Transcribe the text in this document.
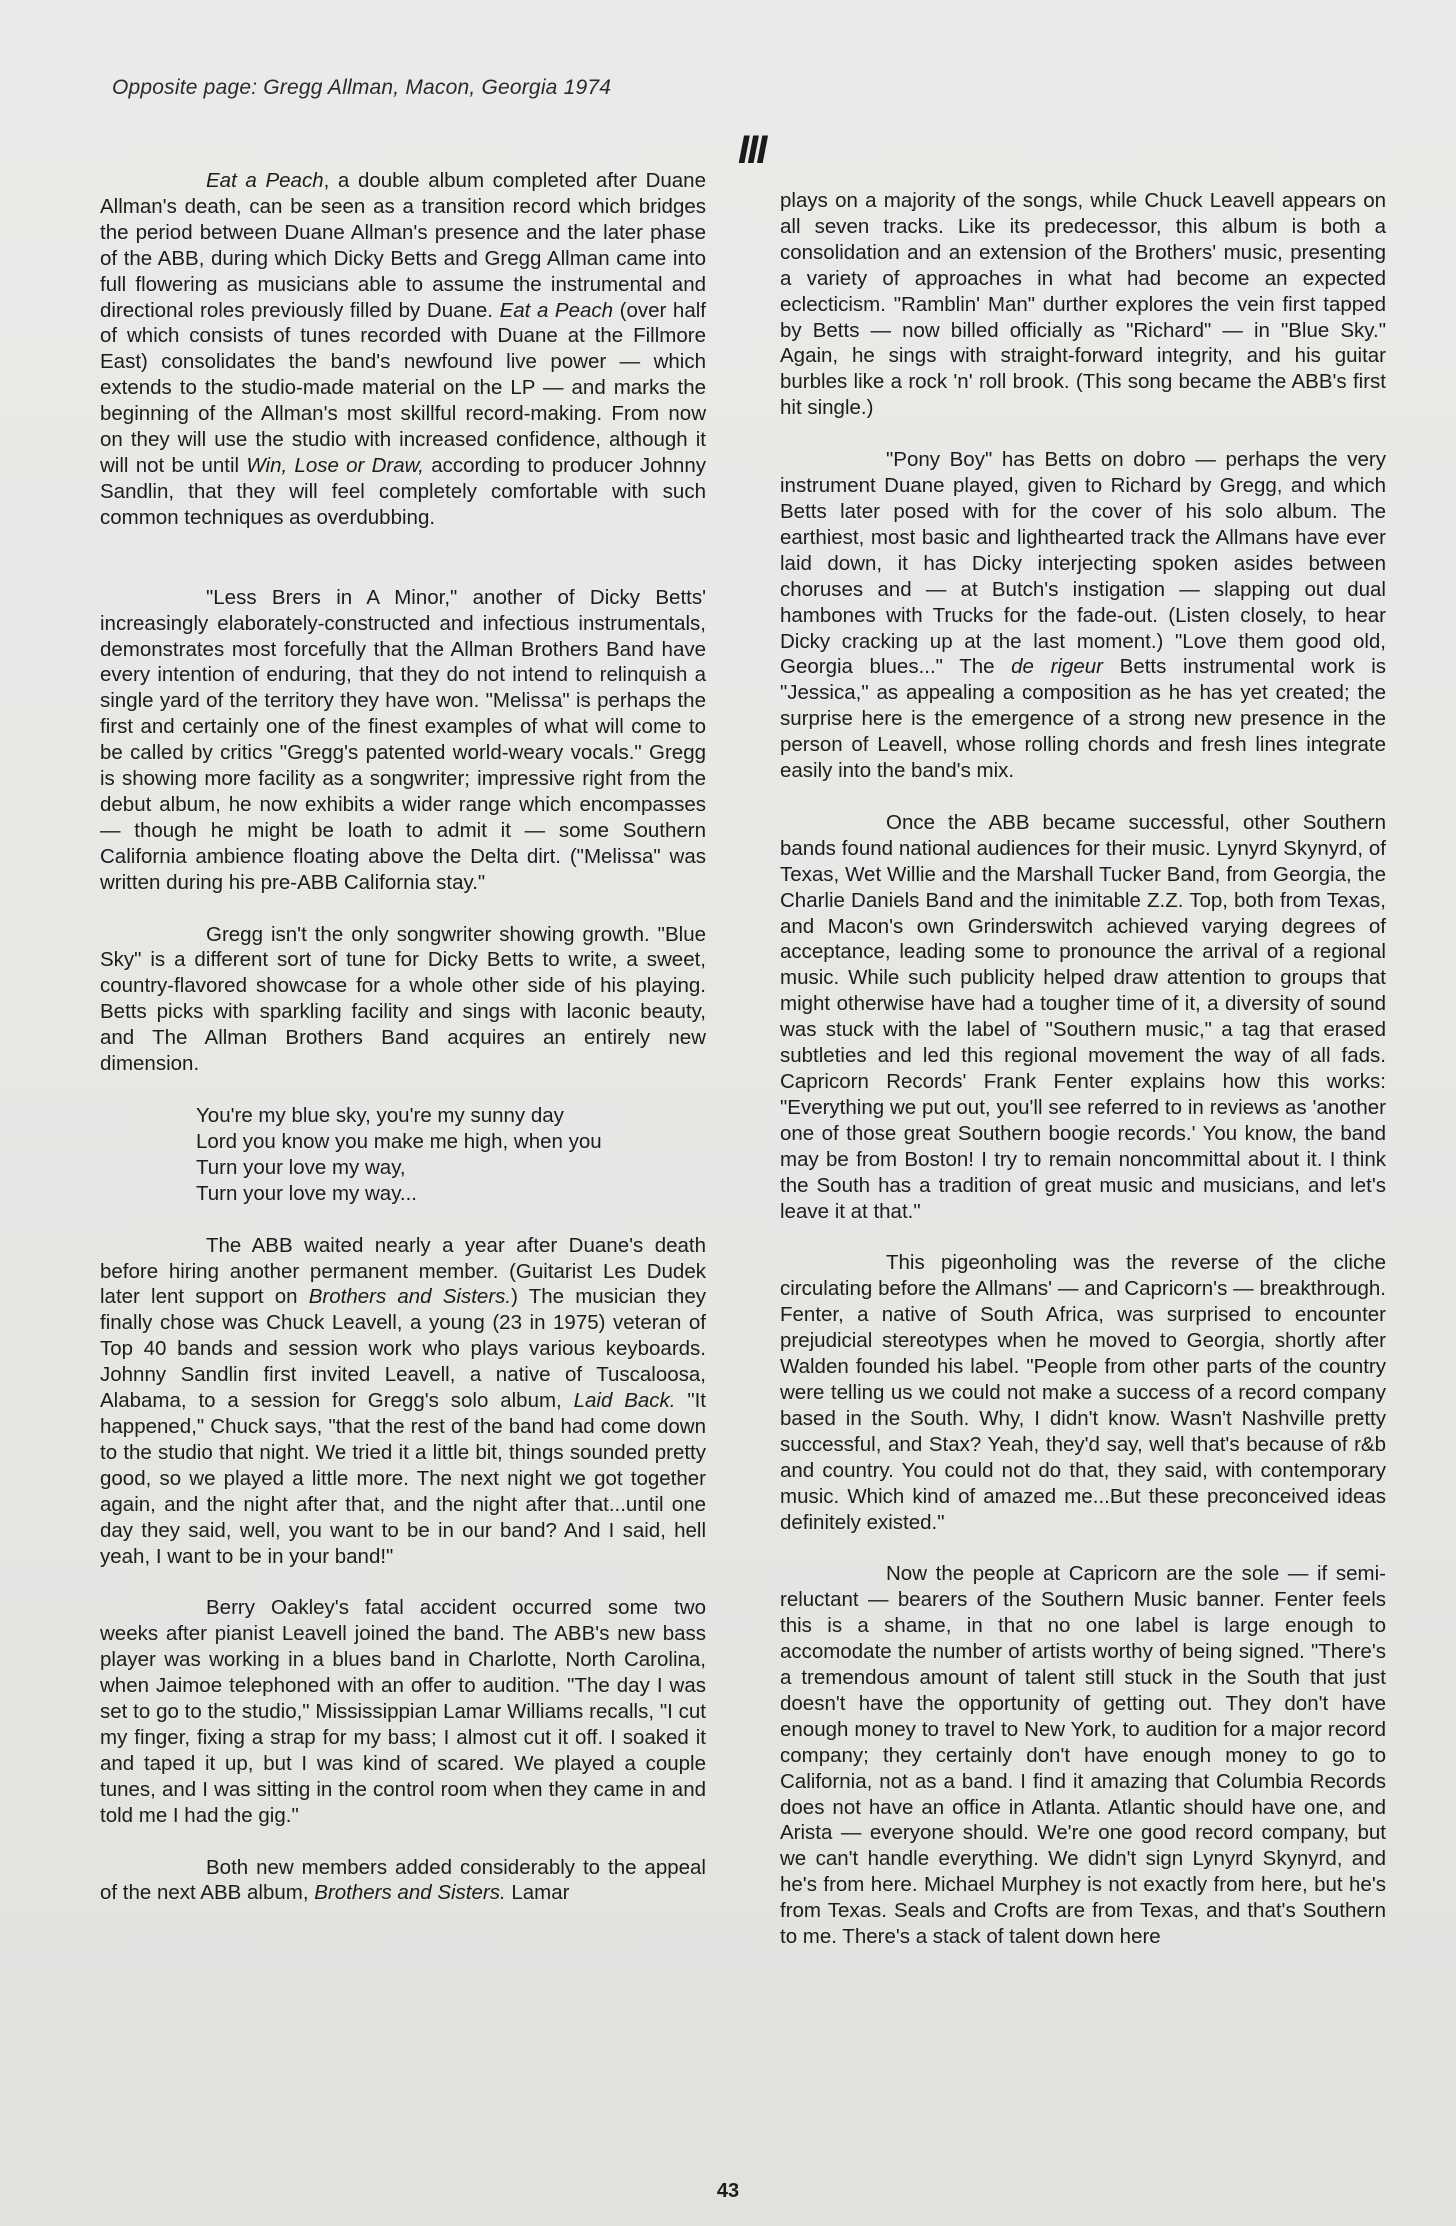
Opposite page: Gregg Allman, Macon, Georgia 1974
III

Eat a Peach, a double album completed after Duane Allman's death, can be seen as a transition record which bridges the period between Duane Allman's presence and the later phase of the ABB, during which Dicky Betts and Gregg Allman came into full flowering as musicians able to assume the instrumental and directional roles previously filled by Duane. Eat a Peach (over half of which consists of tunes recorded with Duane at the Fillmore East) consolidates the band's newfound live power — which extends to the studio-made material on the LP — and marks the beginning of the Allman's most skillful record-making. From now on they will use the studio with increased confidence, although it will not be until Win, Lose or Draw, according to producer Johnny Sandlin, that they will feel completely comfortable with such common techniques as overdubbing.

"Less Brers in A Minor," another of Dicky Betts' increasingly elaborately-constructed and infectious instrumentals, demonstrates most forcefully that the Allman Brothers Band have every intention of enduring, that they do not intend to relinquish a single yard of the territory they have won. "Melissa" is perhaps the first and certainly one of the finest examples of what will come to be called by critics "Gregg's patented world-weary vocals." Gregg is showing more facility as a songwriter; impressive right from the debut album, he now exhibits a wider range which encompasses — though he might be loath to admit it — some Southern California ambience floating above the Delta dirt. ("Melissa" was written during his pre-ABB California stay."

Gregg isn't the only songwriter showing growth. "Blue Sky" is a different sort of tune for Dicky Betts to write, a sweet, country-flavored showcase for a whole other side of his playing. Betts picks with sparkling facility and sings with laconic beauty, and The Allman Brothers Band acquires an entirely new dimension.

You're my blue sky, you're my sunny day
Lord you know you make me high, when you
Turn your love my way,
Turn your love my way...

The ABB waited nearly a year after Duane's death before hiring another permanent member. (Guitarist Les Dudek later lent support on Brothers and Sisters.) The musician they finally chose was Chuck Leavell, a young (23 in 1975) veteran of Top 40 bands and session work who plays various keyboards. Johnny Sandlin first invited Leavell, a native of Tuscaloosa, Alabama, to a session for Gregg's solo album, Laid Back. "It happened," Chuck says, "that the rest of the band had come down to the studio that night. We tried it a little bit, things sounded pretty good, so we played a little more. The next night we got together again, and the night after that, and the night after that...until one day they said, well, you want to be in our band? And I said, hell yeah, I want to be in your band!"

Berry Oakley's fatal accident occurred some two weeks after pianist Leavell joined the band. The ABB's new bass player was working in a blues band in Charlotte, North Carolina, when Jaimoe telephoned with an offer to audition. "The day I was set to go to the studio," Mississippian Lamar Williams recalls, "I cut my finger, fixing a strap for my bass; I almost cut it off. I soaked it and taped it up, but I was kind of scared. We played a couple tunes, and I was sitting in the control room when they came in and told me I had the gig."

Both new members added considerably to the appeal of the next ABB album, Brothers and Sisters. Lamar

plays on a majority of the songs, while Chuck Leavell appears on all seven tracks. Like its predecessor, this album is both a consolidation and an extension of the Brothers' music, presenting a variety of approaches in what had become an expected eclecticism. "Ramblin' Man" durther explores the vein first tapped by Betts — now billed officially as "Richard" — in "Blue Sky." Again, he sings with straight-forward integrity, and his guitar burbles like a rock 'n' roll brook. (This song became the ABB's first hit single.)

"Pony Boy" has Betts on dobro — perhaps the very instrument Duane played, given to Richard by Gregg, and which Betts later posed with for the cover of his solo album. The earthiest, most basic and lighthearted track the Allmans have ever laid down, it has Dicky interjecting spoken asides between choruses and — at Butch's instigation — slapping out dual hambones with Trucks for the fade-out. (Listen closely, to hear Dicky cracking up at the last moment.) "Love them good old, Georgia blues..." The de rigeur Betts instrumental work is "Jessica," as appealing a composition as he has yet created; the surprise here is the emergence of a strong new presence in the person of Leavell, whose rolling chords and fresh lines integrate easily into the band's mix.

Once the ABB became successful, other Southern bands found national audiences for their music. Lynyrd Skynyrd, of Texas, Wet Willie and the Marshall Tucker Band, from Georgia, the Charlie Daniels Band and the inimitable Z.Z. Top, both from Texas, and Macon's own Grinderswitch achieved varying degrees of acceptance, leading some to pronounce the arrival of a regional music. While such publicity helped draw attention to groups that might otherwise have had a tougher time of it, a diversity of sound was stuck with the label of "Southern music," a tag that erased subtleties and led this regional movement the way of all fads. Capricorn Records' Frank Fenter explains how this works: "Everything we put out, you'll see referred to in reviews as 'another one of those great Southern boogie records.' You know, the band may be from Boston! I try to remain noncommittal about it. I think the South has a tradition of great music and musicians, and let's leave it at that."

This pigeonholing was the reverse of the cliche circulating before the Allmans' — and Capricorn's — breakthrough. Fenter, a native of South Africa, was surprised to encounter prejudicial stereotypes when he moved to Georgia, shortly after Walden founded his label. "People from other parts of the country were telling us we could not make a success of a record company based in the South. Why, I didn't know. Wasn't Nashville pretty successful, and Stax? Yeah, they'd say, well that's because of r&b and country. You could not do that, they said, with contemporary music. Which kind of amazed me...But these preconceived ideas definitely existed."

Now the people at Capricorn are the sole — if semi-reluctant — bearers of the Southern Music banner. Fenter feels this is a shame, in that no one label is large enough to accomodate the number of artists worthy of being signed. "There's a tremendous amount of talent still stuck in the South that just doesn't have the opportunity of getting out. They don't have enough money to travel to New York, to audition for a major record company; they certainly don't have enough money to go to California, not as a band. I find it amazing that Columbia Records does not have an office in Atlanta. Atlantic should have one, and Arista — everyone should. We're one good record company, but we can't handle everything. We didn't sign Lynyrd Skynyrd, and he's from here. Michael Murphey is not exactly from here, but he's from Texas. Seals and Crofts are from Texas, and that's Southern to me. There's a stack of talent down here

43
